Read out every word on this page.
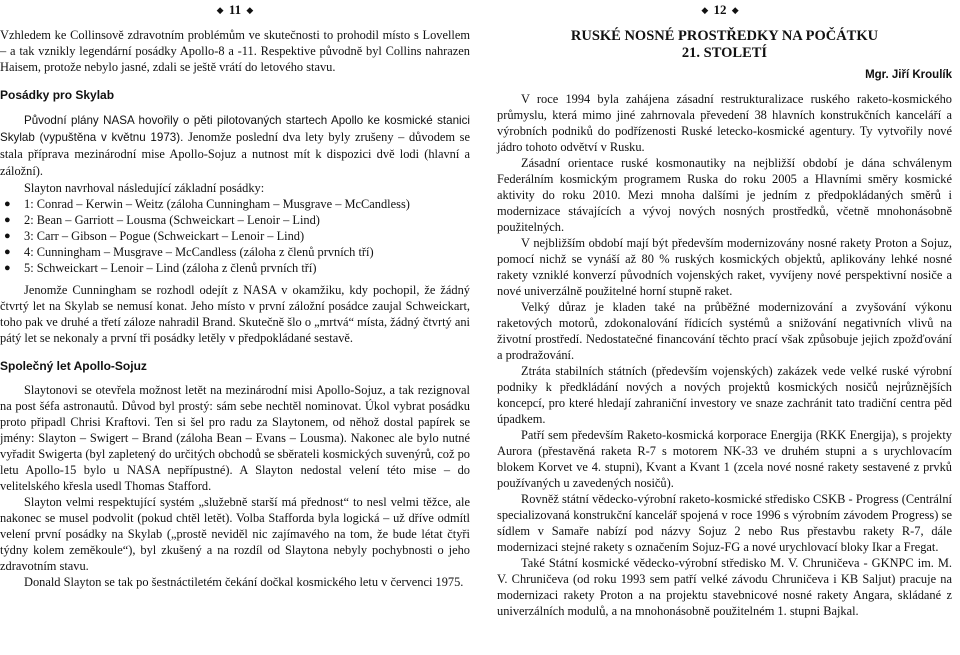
◆ 11 ◆

Vzhledem ke Collinsově zdravotním problémům ve skutečnosti to prohodil místo s Lovellem – a tak vznikly legendární posádky Apollo-8 a -11. Respektive původně byl Collins nahrazen Haisem, protože nebylo jasné, zdali se ještě vrátí do letového stavu.

Posádky pro Skylab

Původní plány NASA hovořily o pěti pilotovaných startech Apollo ke kosmické stanici Skylab (vypuštěna v květnu 1973). Jenomže poslední dva lety byly zrušeny – důvodem se stala příprava mezinárodní mise Apollo-Sojuz a nutnost mít k dispozici dvě lodi (hlavní a záložní).

Slayton navrhoval následující základní posádky:

● 1: Conrad – Kerwin – Weitz (záloha Cunningham – Musgrave – McCandless)
● 2: Bean – Garriott – Lousma (Schweickart – Lenoir – Lind)
● 3: Carr – Gibson – Pogue (Schweickart – Lenoir – Lind)
● 4: Cunningham – Musgrave – McCandless (záloha z členů prvních tří)
● 5: Schweickart – Lenoir – Lind (záloha z členů prvních tří)

Jenomže Cunningham se rozhodl odejít z NASA v okamžiku, kdy pochopil, že žádný čtvrtý let na Skylab se nemusí konat. Jeho místo v první záložní posádce zaujal Schweickart, toho pak ve druhé a třetí záloze nahradil Brand. Skutečně šlo o „mrtvá“ místa, žádný čtvrtý ani pátý let se nekonaly a první tři posádky letěly v předpokládané sestavě.

Společný let Apollo-Sojuz

Slaytonovi se otevřela možnost letět na mezinárodní misi Apollo-Sojuz, a tak rezignoval na post šéfa astronautů. Důvod byl prostý: sám sebe nechtěl nominovat. Úkol vybrat posádku proto připadl Chrisi Kraftovi. Ten si šel pro radu za Slaytonem, od něhož dostal papírek se jmény: Slayton – Swigert – Brand (záloha Bean – Evans – Lousma). Nakonec ale bylo nutné vyřadit Swigerta (byl zapletený do určitých obchodů se sběrateli kosmických suvenýrů, což po letu Apollo-15 bylo u NASA nepřípustné). A Slayton nedostal velení této mise – do velitelského křesla usedl Thomas Stafford.

Slayton velmi respektující systém „služebně starší má přednost“ to nesl velmi těžce, ale nakonec se musel podvolit (pokud chtěl letět). Volba Stafforda byla logická – už dříve odmítl velení první posádky na Skylab („prostě neviděl nic zajímavého na tom, že bude létat čtyři týdny kolem zeměkoule“), byl zkušený a na rozdíl od Slaytona nebyly pochybnosti o jeho zdravotním stavu.

Donald Slayton se tak po šestnáctiletém čekání dočkal kosmického letu v červenci 1975.

◆ 12 ◆
RUSKÉ NOSNÉ PROSTŘEDKY NA POČÁTKU
21. STOLETÍ
Mgr. Jiří Kroulík

V roce 1994 byla zahájena zásadní restrukturalizace ruského raketo-kosmického průmyslu, která mimo jiné zahrnovala převedení 38 hlavních konstrukčních kanceláří a výrobních podniků do podřízenosti Ruské letecko-kosmické agentury. Ty vytvořily nové jádro tohoto odvětví v Rusku.

Zásadní orientace ruské kosmonautiky na nejbližší období je dána schválenym Federálním kosmickým programem Ruska do roku 2005 a Hlavními směry kosmické aktivity do roku 2010. Mezi mnoha dalšími je jedním z předpokládaných směrů i modernizace stávajících a vývoj nových nosných prostředků, včetně mnohonásobně použitelných.

V nejbližším období mají být především modernizovány nosné rakety Proton a Sojuz, pomocí nichž se vynáší až 80 % ruských kosmických objektů, aplikovány lehké nosné rakety vzniklé konverzí původních vojenských raket, vyvíjeny nové perspektivní nosiče a nové univerzálně použitelné horní stupně raket.

Velký důraz je kladen také na průběžné modernizování a zvyšování výkonu raketových motorů, zdokonalování řídicích systémů a snižování negativních vlivů na životní prostředí. Nedostatečné financování těchto prací však způsobuje jejich zpožďování a prodražování.

Ztráta stabilních státních (především vojenských) zakázek vede velké ruské výrobní podniky k předkládání nových a nových projektů kosmických nosičů nejrůznějších koncepcí, pro které hledají zahraniční investory ve snaze zachránit tato tradiční centra pěd úpadkem.

Patří sem především Raketo-kosmická korporace Energija (RKK Energija), s projekty Aurora (přestavěná raketa R-7 s motorem NK-33 ve druhém stupni a s urychlovacím blokem Korvet ve 4. stupni), Kvant a Kvant 1 (zcela nové nosné rakety sestavené z prvků používaných u zavedených nosičů).

Rovněž státní vědecko-výrobní raketo-kosmické středisko CSKB - Progress (Centrální specializovaná konstrukční kancelář spojená v roce 1996 s výrobním závodem Progress) se sídlem v Samaře nabízí pod názvy Sojuz 2 nebo Rus přestavbu rakety R-7, dále modernizaci stejné rakety s označením Sojuz-FG a nové urychlovací bloky Ikar a Fregat.

Také Státní kosmické vědecko-výrobní středisko M. V. Chruničeva - GKNPC im. M. V. Chruničeva (od roku 1993 sem patří velké závodu Chruničeva i KB Saljut) pracuje na modernizaci rakety Proton a na projektu stavebnicové nosné rakety Angara, skládané z univerzálních modulů, a na mnohonásobně použitelném 1. stupni Bajkal.
